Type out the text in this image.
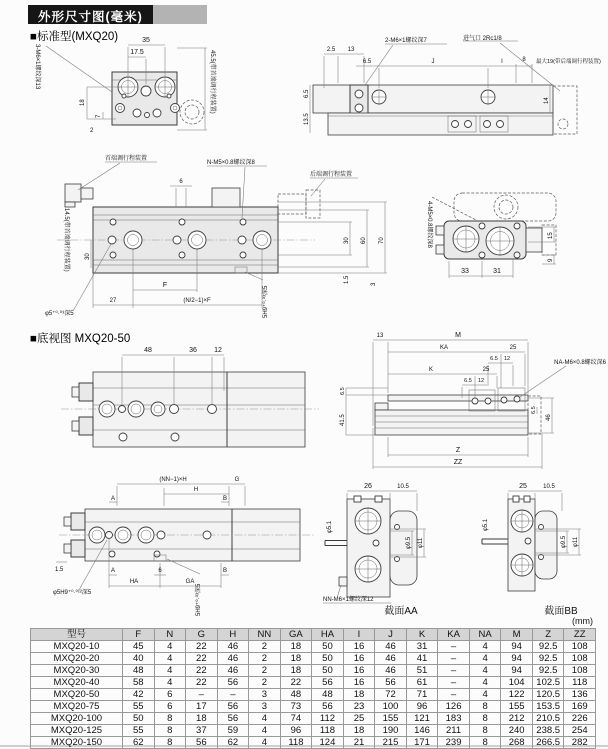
外形尺寸图(毫米)
■标准型(MXQ20)
■底视图 MXQ20-50
(mm)
35
17.5
3-M6×1螺纹深13	45.5(带首端调行程装置)
18
7
2
2-M6×1螺纹深7	进气口 2Rc1/8
2.5 13
6.5	J	I	8 最大19(带后端调行程装置)
6.5
13.5
14
首端调行程装置
N-M5×0.8螺纹深8
后端调行程装置
6
30 60 70
1.5
3
30
14.5(带首端调行程装置)
F
27	(N/2−1)×F
φ5⁺⁰·⁰³深5	5H9⁺⁰·⁰³深5
4-M5×0.8螺纹深8
33	31
15
9
48	36 12
13	M
KA	25
6.5 12
K	25
6.5 12
NA-M6×0.8螺纹深6
6.5
41.5
6.5
46
Z
ZZ
(NN−1)×H	G
H
A	B
1.5	A	6	B
HA	GA
φ5H9⁺⁰·⁰¹²深5	5H9⁺⁰·⁰³深5
26	10.5
φ5.1
φ9.5 φ11
NN-M6×1螺纹深12
截面AA
25	10.5
φ5.1
φ9.5 φ11
截面BB
型号	F	N	G	H	NN	GA	HA	I	J	K	KA	NA	M	Z	ZZ
MXQ20-10	45	4	22	46	2	18	50	16	46	31	–	4	94	92.5	108
MXQ20-20	40	4	22	46	2	18	50	16	46	41	–	4	94	92.5	108
MXQ20-30	48	4	22	46	2	18	50	16	46	51	–	4	94	92.5	108
MXQ20-40	58	4	22	56	2	22	56	16	56	61	–	4	104	102.5	118
MXQ20-50	42	6	–	–	3	48	48	18	72	71	–	4	122	120.5	136
MXQ20-75	55	6	17	56	3	73	56	23	100	96	126	8	155	153.5	169
MXQ20-100	50	8	18	56	4	74	112	25	155	121	183	8	212	210.5	226
MXQ20-125	55	8	37	59	4	96	118	18	190	146	211	8	240	238.5	254
MXQ20-150	62	8	56	62	4	118	124	21	215	171	239	8	268	266.5	282
